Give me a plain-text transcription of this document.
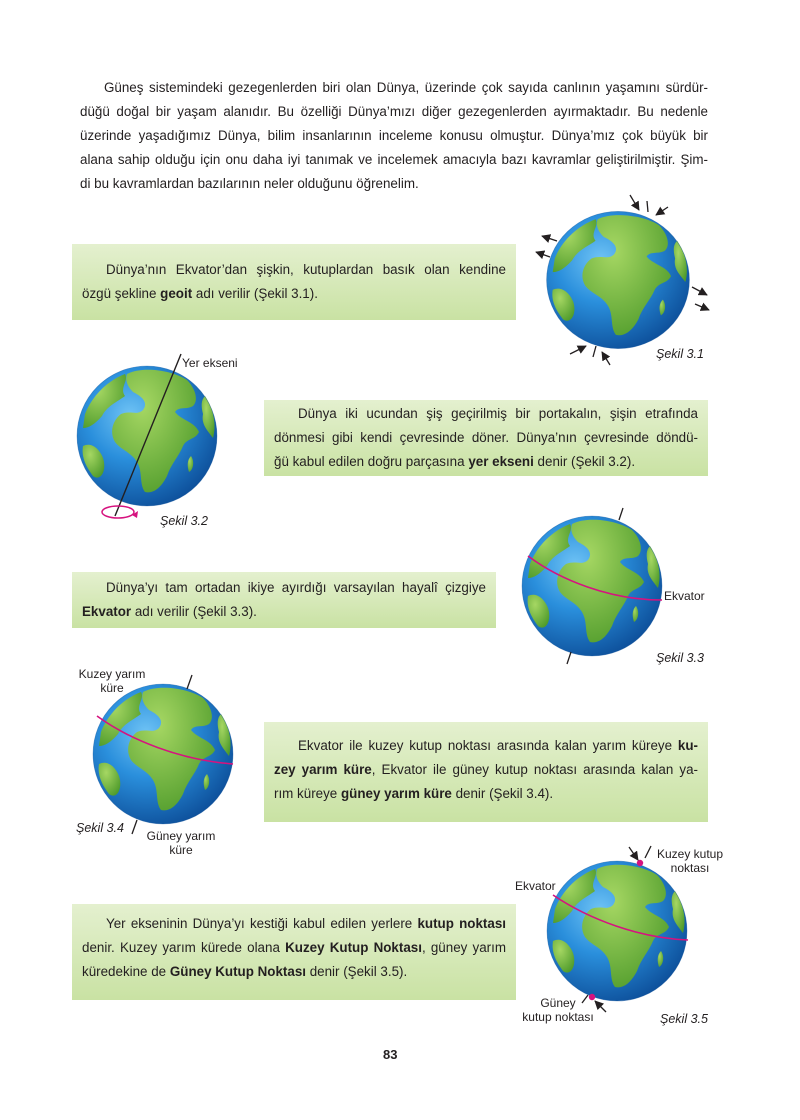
Güneş sistemindeki gezegenlerden biri olan Dünya, üzerinde çok sayıda canlının yaşamını sürdür-
düğü doğal bir yaşam alanıdır. Bu özelliği Dünya’mızı diğer gezegenlerden ayırmaktadır. Bu nedenle
üzerinde yaşadığımız Dünya, bilim insanlarının inceleme konusu olmuştur. Dünya’mız çok büyük bir
alana sahip olduğu için onu daha iyi tanımak ve incelemek amacıyla bazı kavramlar geliştirilmiştir. Şim-
di bu kavramlardan bazılarının neler olduğunu öğrenelim.
Dünya’nın Ekvator’dan şişkin, kutuplardan basık olan kendine
özgü şekline geoit adı verilir (Şekil 3.1).
Şekil 3.1
Yer ekseni
Şekil 3.2
Dünya iki ucundan şiş geçirilmiş bir portakalın, şişin etrafında
dönmesi gibi kendi çevresinde döner. Dünya’nın çevresinde döndü-
ğü kabul edilen doğru parçasına yer ekseni denir (Şekil 3.2).
Ekvator
Şekil 3.3
Dünya’yı tam ortadan ikiye ayırdığı varsayılan hayalî çizgiye
Ekvator adı verilir (Şekil 3.3).
Kuzey yarım
küre
Şekil 3.4
Güney yarım
küre
Ekvator ile kuzey kutup noktası arasında kalan yarım küreye ku-
zey yarım küre, Ekvator ile güney kutup noktası arasında kalan ya-
rım küreye güney yarım küre denir (Şekil 3.4).
Kuzey kutup
noktası
Ekvator
Güney
kutup noktası	Şekil 3.5
Yer ekseninin Dünya’yı kestiği kabul edilen yerlere kutup noktası
denir. Kuzey yarım kürede olana Kuzey Kutup Noktası, güney yarım
küredekine de Güney Kutup Noktası denir (Şekil 3.5).
83
